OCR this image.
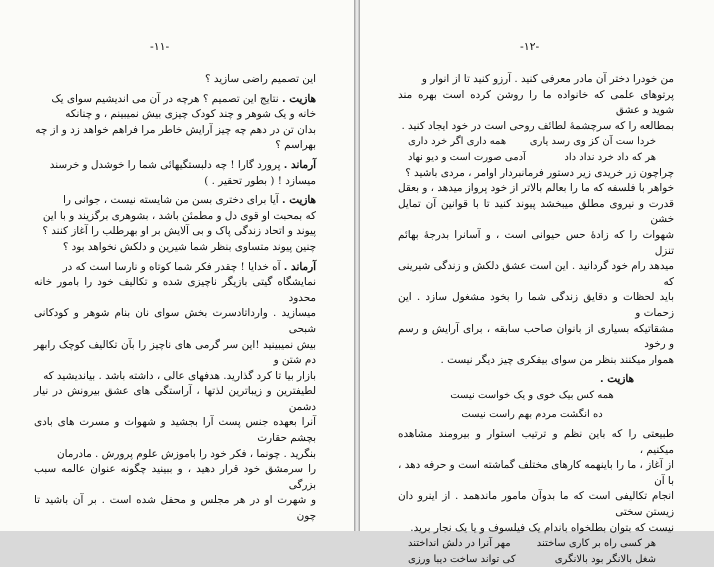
-۱۱-

این‌ تصمیم راضی‌ سازید ؟

هازیت . نتایج این تصمیم ؟ هرچه در آن می اندیشیم سوای یک

خانه و یک شوهر و چند کودک چیزی بیش نمیبینم ، و چنانکه

بدان تن در دهم چه چیز آرایش خاطر مرا فراهم خواهد زد و از چه

بهراسم ؟

آرماند . پرورد گارا ! چه دلبستگیهائی شما را خوشدل و خرسند

میسازد ! ( بطور تحقیر . )

هازیت . آیا برای دختری بسن من شایسته نیست ، جوانی را

که بمحبت او قوی دل و مطمئن باشد ، بشوهری برگزیند و با این

پیوند و اتحاد زندگی پاک و بی آلایش بر او بهرطلب را آغاز کنند ؟

چنین پیوند متساوی بنظر شما شیرین و دلکش نخواهد بود ؟

آرماند . آه خدایا ! چقدر فکر شما کوتاه و نارسا است که در

نمایشگاه گیتی بازیگر ناچیزی شده و تکالیف خود را بامور خانه محدود

میسازید . وارداتادسرت بخش سوای نان بنام شوهر و کودکانی شبحی

بیش نمیبینید !این سر گرمی های ناچیز را بآن تکالیف کوچک رابهر دم شتن و

بازار بیا تا کرد گذارید. هدفهای عالی ، داشته باشد . بیاندیشید که

لطیفترین و زیباترین لذتها ، آراستگی های عشق بیرونش در نیار دشمن

آنرا بعهده جنس پست آرا بجشید و شهوات و مسرت های بادی بچشم حقارت

بنگرید . چونما ، فکر خود را باموزش علوم پرورش . مادرمان

را سرمشق خود قرار دهید ، و ببینید چگونه عنوان عالمه سبب بزرگی

و شهرت او در هر مجلس و محفل شده است . بر آن باشید تا چون

-۱۲-

من خودرا دختر آن مادر معرفی کنید . آرزو کنید تا از انوار و

پرتوهای علمی که خانواده ما را روشن کرده است بهره مند شوید و عشق

بمطالعه را که سرچشمهٔ لطائف روحی است در خود ایجاد کنید .

خردا ست آن کز وی رسد یاری
همه داری اگر خرد داری
هر که داد خرد نداد داد
آدمی صورت است و دیو نهاد

چراچون زر خریدی زیر دستور فرمانبردار اوامر ، مردی باشید ؟

خواهر با فلسفه که ما را بعالم بالاتر از خود پرواز میدهد ، و بعقل

قدرت و نیروی مطلق میبخشد پیوند کنید تا با قوانین آن تمایل خشن

شهوات را که زادهٔ حس حیوانی است ، و آسانرا بدرجهٔ بهائم تنزل

میدهد رام خود گردانید . این است عشق دلکش و زندگی شیرینی که

باید لحظات و دقایق زندگی شما را بخود مشغول سازد . این زحمات و

مشقاتیکه بسیاری از بانوان صاحب سابقه ، برای آرایش و رسم و رخود

هموار میکنند بنظر من سوای بیفکری چیز دیگر نیست .

هازیت .

همه کس بیک خوی و یک خواست نیست
ده انگشت مردم بهم راست نیست

طبیعتی را که باین نظم و ترتیب استوار و بیرومند مشاهده میکنیم ،

از آغاز ، ما را باینهمه کارهای مختلف گماشته است و حرفه دهد ، با آن

انجام تکالیفی است که ما بدوآن مامور ماندهمد . از اینرو دان زیستن سختی

نیست که بتوان بطلخواه باندام یک فیلسوف و یا یک نجار برید.

هر کسی راه بر کاری ساختند
مهر آنرا در دلش انداختند
شغل بالانگر بود بالانگری
کی تواند ساخت دیبا ورزی
